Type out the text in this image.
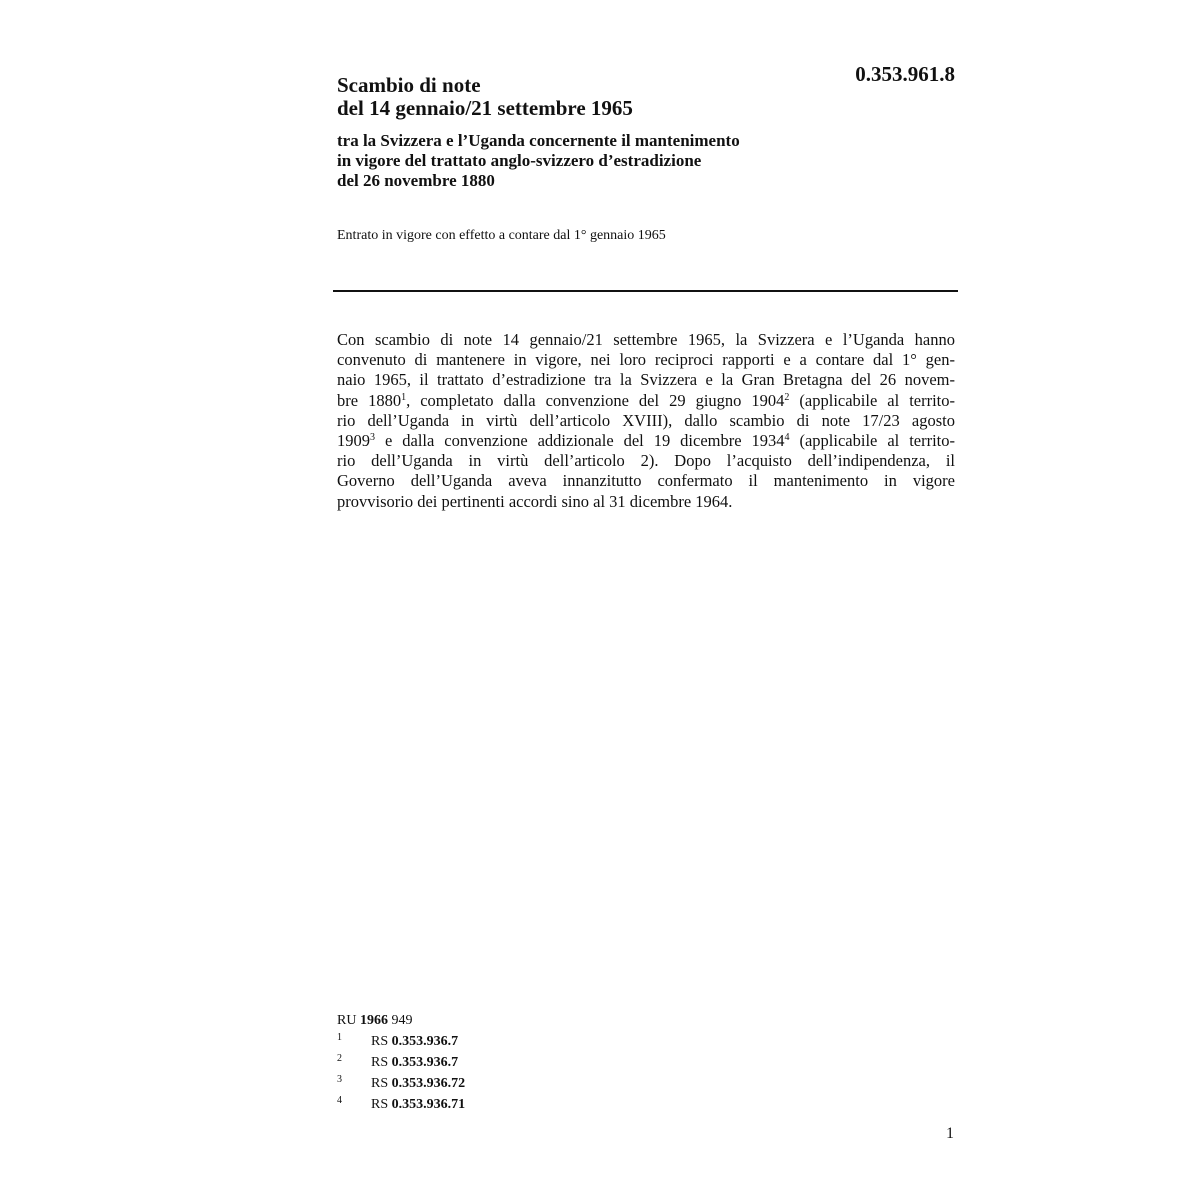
0.353.961.8

Scambio di note
del 14 gennaio/21 settembre 1965
tra la Svizzera e l’Uganda concernente il mantenimento
in vigore del trattato anglo-svizzero d’estradizione
del 26 novembre 1880

Entrato in vigore con effetto a contare dal 1° gennaio 1965

Con scambio di note 14 gennaio/21 settembre 1965, la Svizzera e l’Uganda hanno
convenuto di mantenere in vigore, nei loro reciproci rapporti e a contare dal 1° gen-
naio 1965, il trattato d’estradizione tra la Svizzera e la Gran Bretagna del 26 novem-
bre 1880$^1$, completato dalla convenzione del 29 giugno 1904$^2$ (applicabile al territo-
rio dell’Uganda in virtù dell’articolo XVIII), dallo scambio di note 17/23 agosto
1909$^3$ e dalla convenzione addizionale del 19 dicembre 1934$^4$ (applicabile al territo-
rio dell’Uganda in virtù dell’articolo 2). Dopo l’acquisto dell’indipendenza, il
Governo dell’Uganda aveva innanzitutto confermato il mantenimento in vigore
provvisorio dei pertinenti accordi sino al 31 dicembre 1964.
RU 1966 949
1 RS 0.353.936.7
2 RS 0.353.936.7
3 RS 0.353.936.72
4 RS 0.353.936.71

1
